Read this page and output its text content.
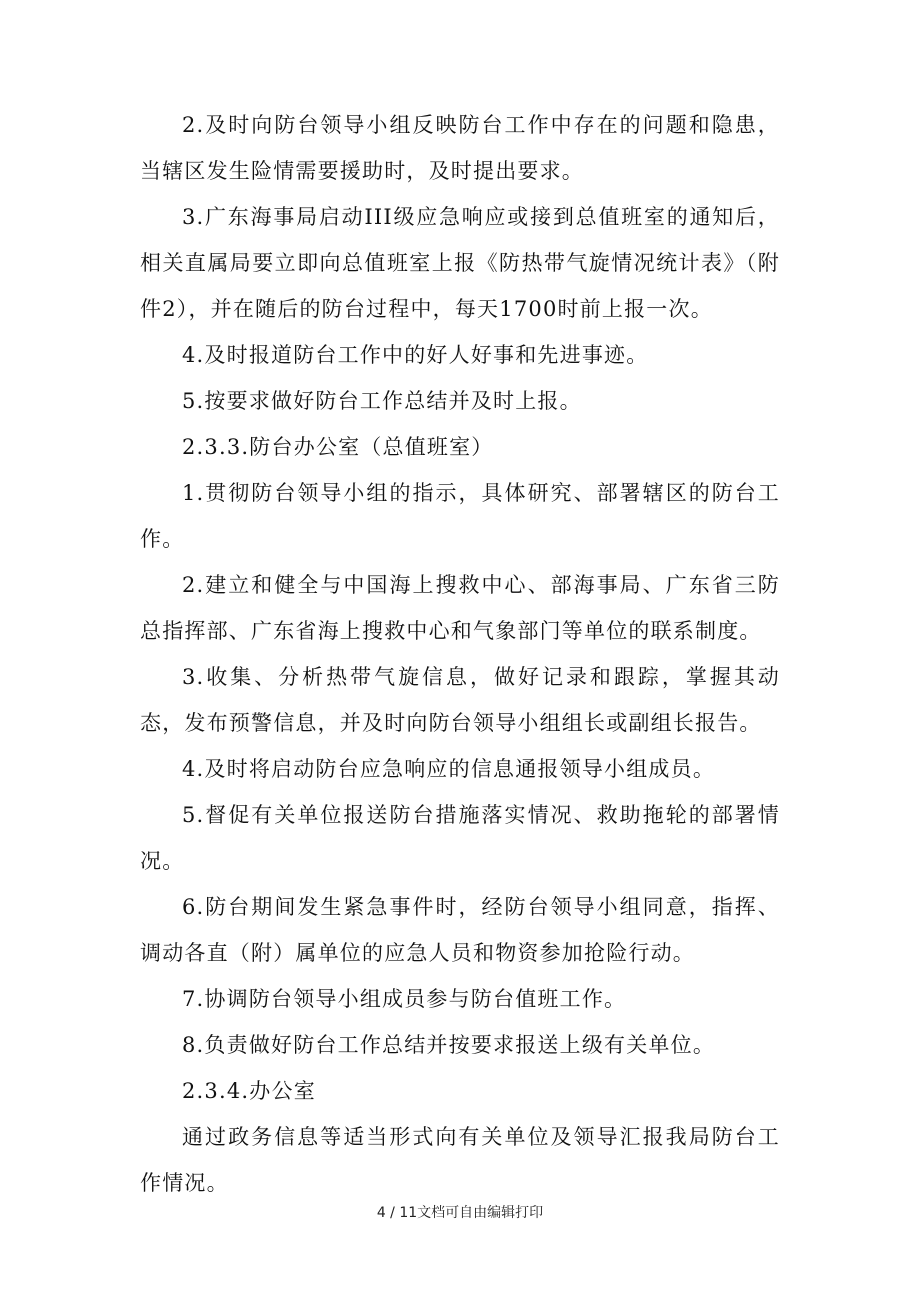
2.及时向防台领导小组反映防台工作中存在的问题和隐患，当辖区发生险情需要援助时，及时提出要求。

3.广东海事局启动III级应急响应或接到总值班室的通知后，相关直属局要立即向总值班室上报《防热带气旋情况统计表》（附件2），并在随后的防台过程中，每天1700时前上报一次。

4.及时报道防台工作中的好人好事和先进事迹。

5.按要求做好防台工作总结并及时上报。

2.3.3.防台办公室（总值班室）

1.贯彻防台领导小组的指示，具体研究、部署辖区的防台工作。

2.建立和健全与中国海上搜救中心、部海事局、广东省三防总指挥部、广东省海上搜救中心和气象部门等单位的联系制度。

3.收集、分析热带气旋信息，做好记录和跟踪，掌握其动态，发布预警信息，并及时向防台领导小组组长或副组长报告。

4.及时将启动防台应急响应的信息通报领导小组成员。

5.督促有关单位报送防台措施落实情况、救助拖轮的部署情况。

6.防台期间发生紧急事件时，经防台领导小组同意，指挥、调动各直（附）属单位的应急人员和物资参加抢险行动。

7.协调防台领导小组成员参与防台值班工作。

8.负责做好防台工作总结并按要求报送上级有关单位。

2.3.4.办公室

通过政务信息等适当形式向有关单位及领导汇报我局防台工作情况。

4 / 11文档可自由编辑打印
